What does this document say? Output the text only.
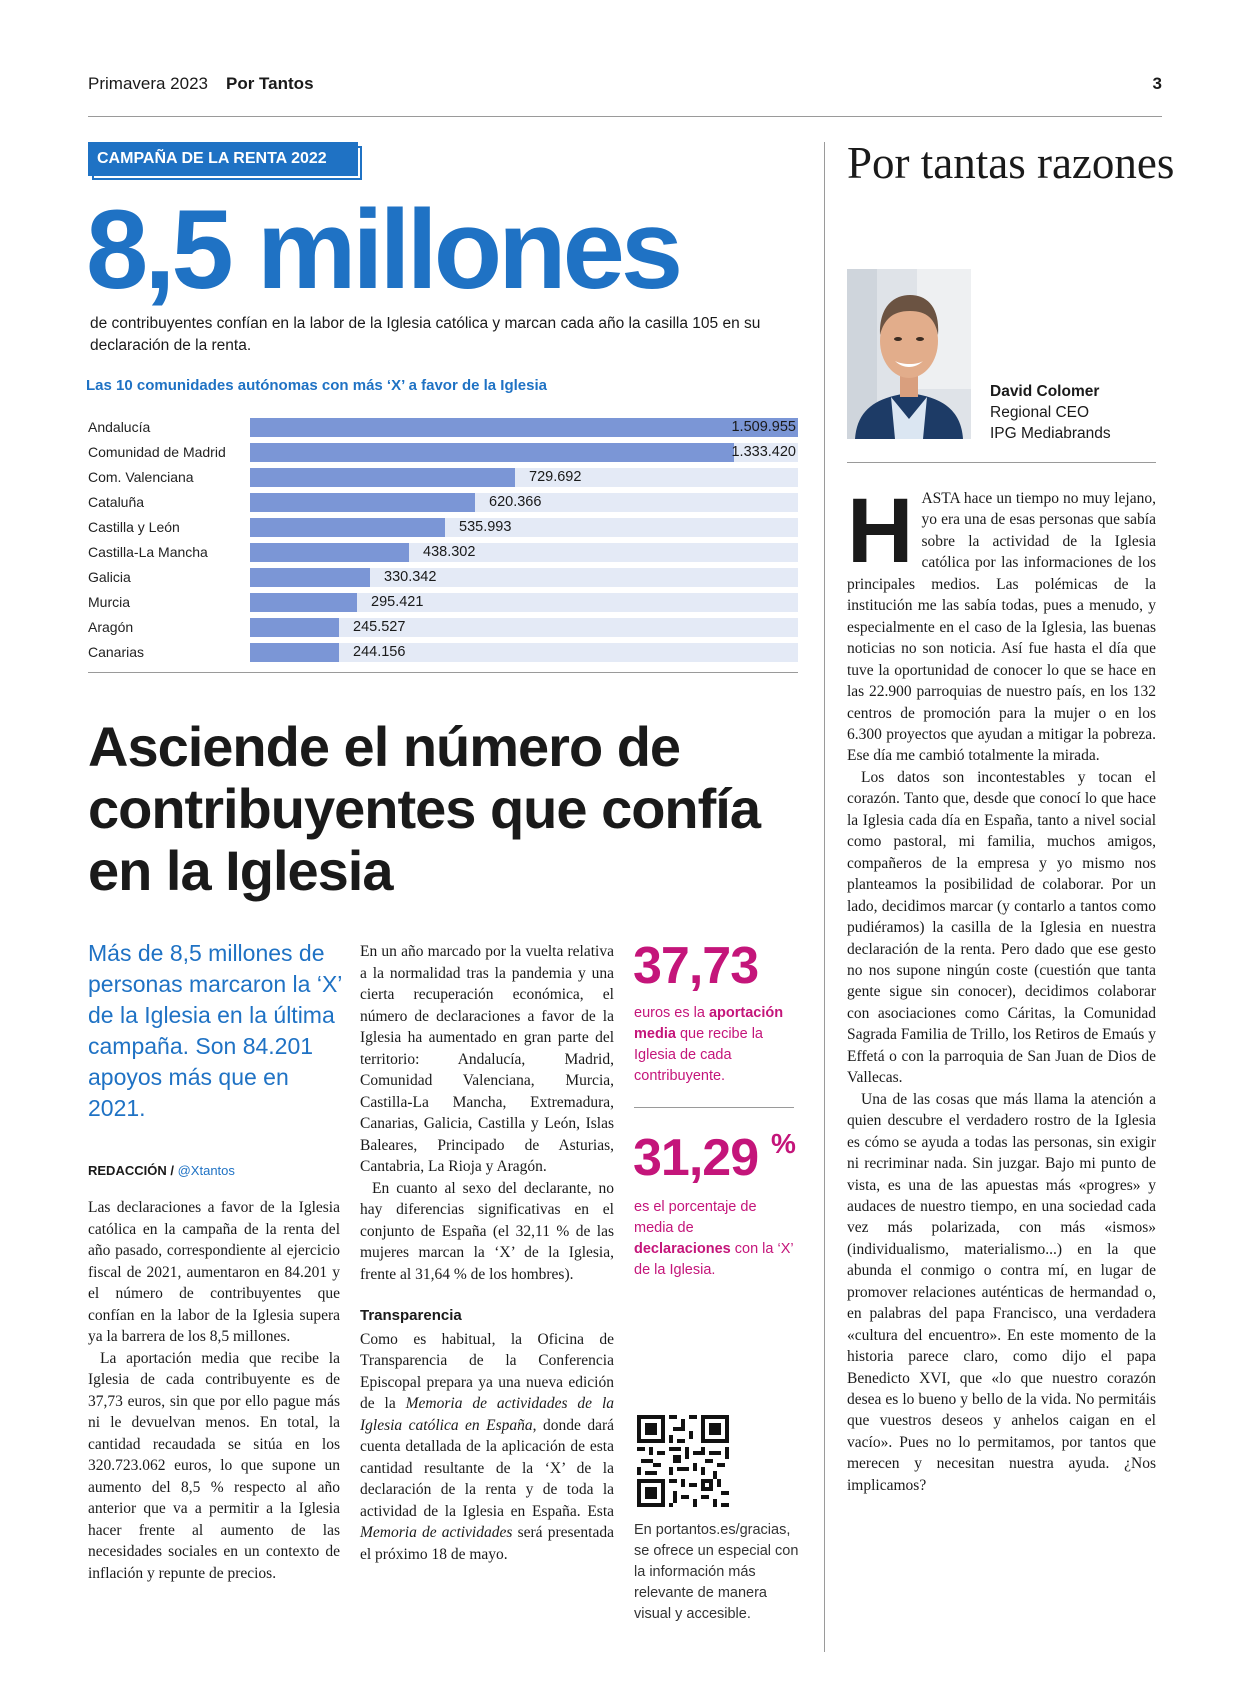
Primavera 2023 Por Tantos	3
CAMPAÑA DE LA RENTA 2022
8,5 millones
de contribuyentes confían en la labor de la Iglesia católica y marcan cada año la casilla 105 en su declaración de la renta.
Las 10 comunidades autónomas con más ‘X’ a favor de la Iglesia
Andalucía	1.509.955
Comunidad de Madrid	1.333.420
Com. Valenciana	729.692
Cataluña	620.366
Castilla y León	535.993
Castilla-La Mancha	438.302
Galicia	330.342
Murcia	295.421
Aragón	245.527
Canarias	244.156
Asciende el número de contribuyentes que confía en la Iglesia
Más de 8,5 millones de personas marcaron la ‘X’ de la Iglesia en la última campaña. Son 84.201 apoyos más que en 2021.
REDACCIÓN / @Xtantos

Las declaraciones a favor de la Iglesia católica en la campaña de la renta del año pasado, correspondiente al ejercicio fiscal de 2021, aumentaron en 84.201 y el número de contribuyentes que confían en la labor de la Iglesia supera ya la barrera de los 8,5 millones.

La aportación media que recibe la Iglesia de cada contribuyente es de 37,73 euros, sin que por ello pague más ni le devuelvan menos. En total, la cantidad recaudada se sitúa en los 320.723.062 euros, lo que supone un aumento del 8,5 % respecto al año anterior que va a permitir a la Iglesia hacer frente al aumento de las necesidades sociales en un contexto de inflación y repunte de precios.

En un año marcado por la vuelta relativa a la normalidad tras la pandemia y una cierta recuperación económica, el número de declaraciones a favor de la Iglesia ha aumentado en gran parte del territorio: Andalucía, Madrid, Comunidad Valenciana, Murcia, Castilla-La Mancha, Extremadura, Canarias, Galicia, Castilla y León, Islas Baleares, Principado de Asturias, Cantabria, La Rioja y Aragón.

En cuanto al sexo del declarante, no hay diferencias significativas en el conjunto de España (el 32,11 % de las mujeres marcan la ‘X’ de la Iglesia, frente al 31,64 % de los hombres).

Transparencia

Como es habitual, la Oficina de Transparencia de la Conferencia Episcopal prepara ya una nueva edición de la Memoria de actividades de la Iglesia católica en España, donde dará cuenta detallada de la aplicación de esta cantidad resultante de la ‘X’ de la declaración de la renta y de toda la actividad de la Iglesia en España. Esta Memoria de actividades será presentada el próximo 18 de mayo.

37,73
euros es la aportación media que recibe la Iglesia de cada contribuyente.
31,29 %
es el porcentaje de media de declaraciones con la ‘X’ de la Iglesia.
En portantos.es/gracias, se ofrece un especial con la información más relevante de manera visual y accesible.
Por tantas razones
David Colomer
Regional CEO
IPG Mediabrands

HASTA hace un tiempo no muy lejano, yo era una de esas personas que sabía sobre la actividad de la Iglesia católica por las informaciones de los principales medios. Las polémicas de la institución me las sabía todas, pues a menudo, y especialmente en el caso de la Iglesia, las buenas noticias no son noticia. Así fue hasta el día que tuve la oportunidad de conocer lo que se hace en las 22.900 parroquias de nuestro país, en los 132 centros de promoción para la mujer o en los 6.300 proyectos que ayudan a mitigar la pobreza. Ese día me cambió totalmente la mirada.

Los datos son incontestables y tocan el corazón. Tanto que, desde que conocí lo que hace la Iglesia cada día en España, tanto a nivel social como pastoral, mi familia, muchos amigos, compañeros de la empresa y yo mismo nos planteamos la posibilidad de colaborar. Por un lado, decidimos marcar (y contarlo a tantos como pudiéramos) la casilla de la Iglesia en nuestra declaración de la renta. Pero dado que ese gesto no nos supone ningún coste (cuestión que tanta gente sigue sin conocer), decidimos colaborar con asociaciones como Cáritas, la Comunidad Sagrada Familia de Trillo, los Retiros de Emaús y Effetá o con la parroquia de San Juan de Dios de Vallecas.

Una de las cosas que más llama la atención a quien descubre el verdadero rostro de la Iglesia es cómo se ayuda a todas las personas, sin exigir ni recriminar nada. Sin juzgar. Bajo mi punto de vista, es una de las apuestas más «progres» y audaces de nuestro tiempo, en una sociedad cada vez más polarizada, con más «ismos» (individualismo, materialismo...) en la que abunda el conmigo o contra mí, en lugar de promover relaciones auténticas de hermandad o, en palabras del papa Francisco, una verdadera «cultura del encuentro». En este momento de la historia parece claro, como dijo el papa Benedicto XVI, que «lo que nuestro corazón desea es lo bueno y bello de la vida. No permitáis que vuestros deseos y anhelos caigan en el vacío». Pues no lo permitamos, por tantos que merecen y necesitan nuestra ayuda. ¿Nos implicamos?
